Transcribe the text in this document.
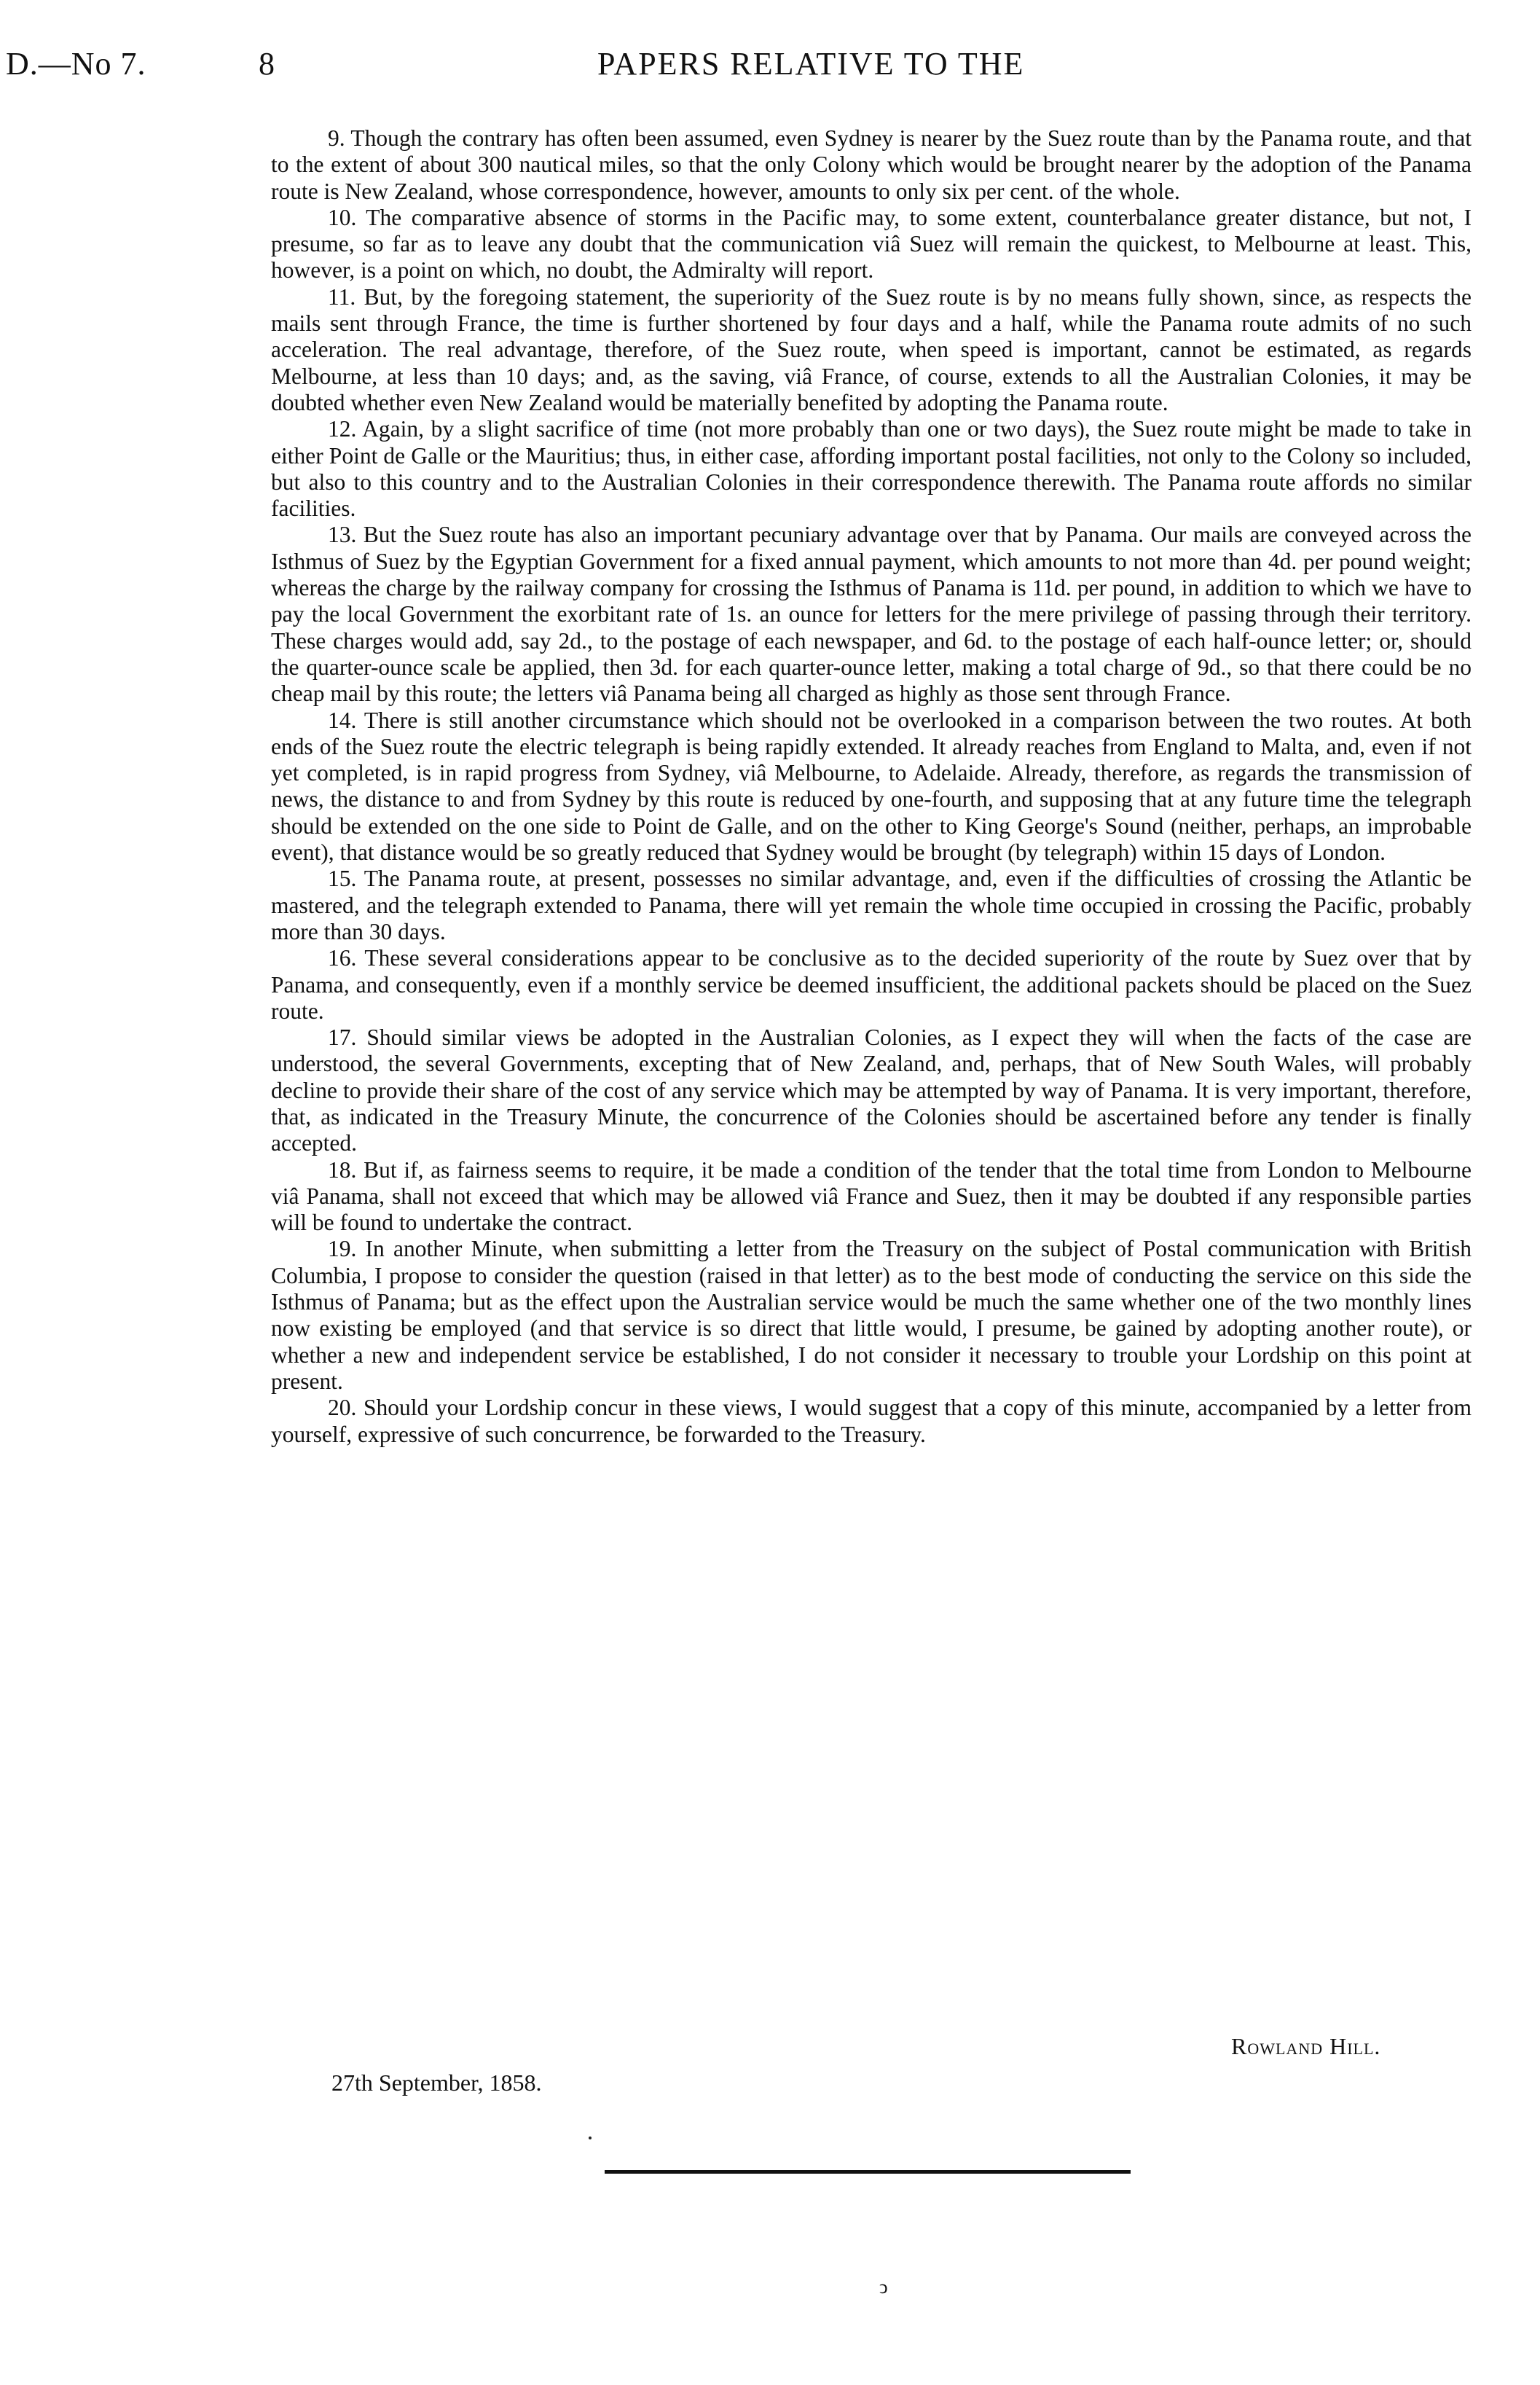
D.—No 7.	8	PAPERS RELATIVE TO THE

9. Though the contrary has often been assumed, even Sydney is nearer by the Suez route than by the Panama route, and that to the extent of about 300 nautical miles, so that the only Colony which would be brought nearer by the adoption of the Panama route is New Zealand, whose correspondence, however, amounts to only six per cent. of the whole.

10. The comparative absence of storms in the Pacific may, to some extent, counterbalance greater distance, but not, I presume, so far as to leave any doubt that the communication viâ Suez will remain the quickest, to Melbourne at least. This, however, is a point on which, no doubt, the Admiralty will report.

11. But, by the foregoing statement, the superiority of the Suez route is by no means fully shown, since, as respects the mails sent through France, the time is further shortened by four days and a half, while the Panama route admits of no such acceleration. The real advantage, therefore, of the Suez route, when speed is important, cannot be estimated, as regards Melbourne, at less than 10 days; and, as the saving, viâ France, of course, extends to all the Australian Colonies, it may be doubted whether even New Zealand would be materially benefited by adopting the Panama route.

12. Again, by a slight sacrifice of time (not more probably than one or two days), the Suez route might be made to take in either Point de Galle or the Mauritius; thus, in either case, affording important postal facilities, not only to the Colony so included, but also to this country and to the Australian Colonies in their correspondence therewith. The Panama route affords no similar facilities.

13. But the Suez route has also an important pecuniary advantage over that by Panama. Our mails are conveyed across the Isthmus of Suez by the Egyptian Government for a fixed annual payment, which amounts to not more than 4d. per pound weight; whereas the charge by the railway company for crossing the Isthmus of Panama is 11d. per pound, in addition to which we have to pay the local Government the exorbitant rate of 1s. an ounce for letters for the mere privilege of passing through their territory. These charges would add, say 2d., to the postage of each newspaper, and 6d. to the postage of each half-ounce letter; or, should the quarter-ounce scale be applied, then 3d. for each quarter-ounce letter, making a total charge of 9d., so that there could be no cheap mail by this route; the letters viâ Panama being all charged as highly as those sent through France.

14. There is still another circumstance which should not be overlooked in a comparison between the two routes. At both ends of the Suez route the electric telegraph is being rapidly extended. It already reaches from England to Malta, and, even if not yet completed, is in rapid progress from Sydney, viâ Melbourne, to Adelaide. Already, therefore, as regards the transmission of news, the distance to and from Sydney by this route is reduced by one-fourth, and supposing that at any future time the telegraph should be extended on the one side to Point de Galle, and on the other to King George's Sound (neither, perhaps, an improbable event), that distance would be so greatly reduced that Sydney would be brought (by telegraph) within 15 days of London.

15. The Panama route, at present, possesses no similar advantage, and, even if the difficulties of crossing the Atlantic be mastered, and the telegraph extended to Panama, there will yet remain the whole time occupied in crossing the Pacific, probably more than 30 days.

16. These several considerations appear to be conclusive as to the decided superiority of the route by Suez over that by Panama, and consequently, even if a monthly service be deemed insufficient, the additional packets should be placed on the Suez route.

17. Should similar views be adopted in the Australian Colonies, as I expect they will when the facts of the case are understood, the several Governments, excepting that of New Zealand, and, perhaps, that of New South Wales, will probably decline to provide their share of the cost of any service which may be attempted by way of Panama. It is very important, therefore, that, as indicated in the Treasury Minute, the concurrence of the Colonies should be ascertained before any tender is finally accepted.

18. But if, as fairness seems to require, it be made a condition of the tender that the total time from London to Melbourne viâ Panama, shall not exceed that which may be allowed viâ France and Suez, then it may be doubted if any responsible parties will be found to undertake the contract.

19. In another Minute, when submitting a letter from the Treasury on the subject of Postal communication with British Columbia, I propose to consider the question (raised in that letter) as to the best mode of conducting the service on this side the Isthmus of Panama; but as the effect upon the Australian service would be much the same whether one of the two monthly lines now existing be employed (and that service is so direct that little would, I presume, be gained by adopting another route), or whether a new and independent service be established, I do not consider it necessary to trouble your Lordship on this point at present.

20. Should your Lordship concur in these views, I would suggest that a copy of this minute, accompanied by a letter from yourself, expressive of such concurrence, be forwarded to the Treasury.

Rowland Hill.
27th September, 1858.
ↄ
